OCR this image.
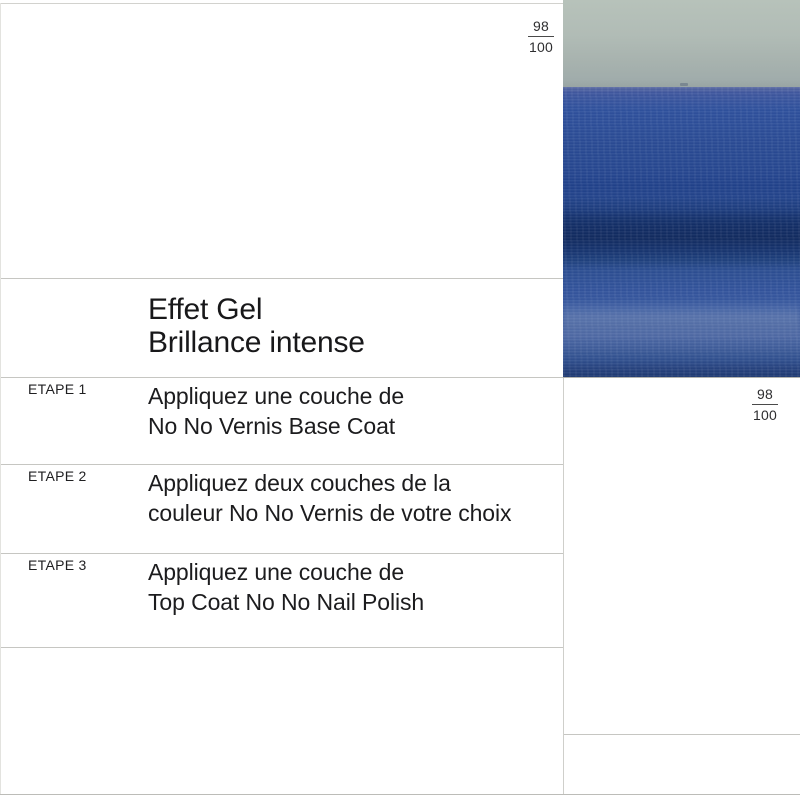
98
100
Effet Gel
Brillance intense
ETAPE 1	Appliquez une couche de
No No Vernis Base Coat
ETAPE 2	Appliquez deux couches de la
couleur No No Vernis de votre choix
ETAPE 3	Appliquez une couche de
Top Coat No No Nail Polish
98
100
